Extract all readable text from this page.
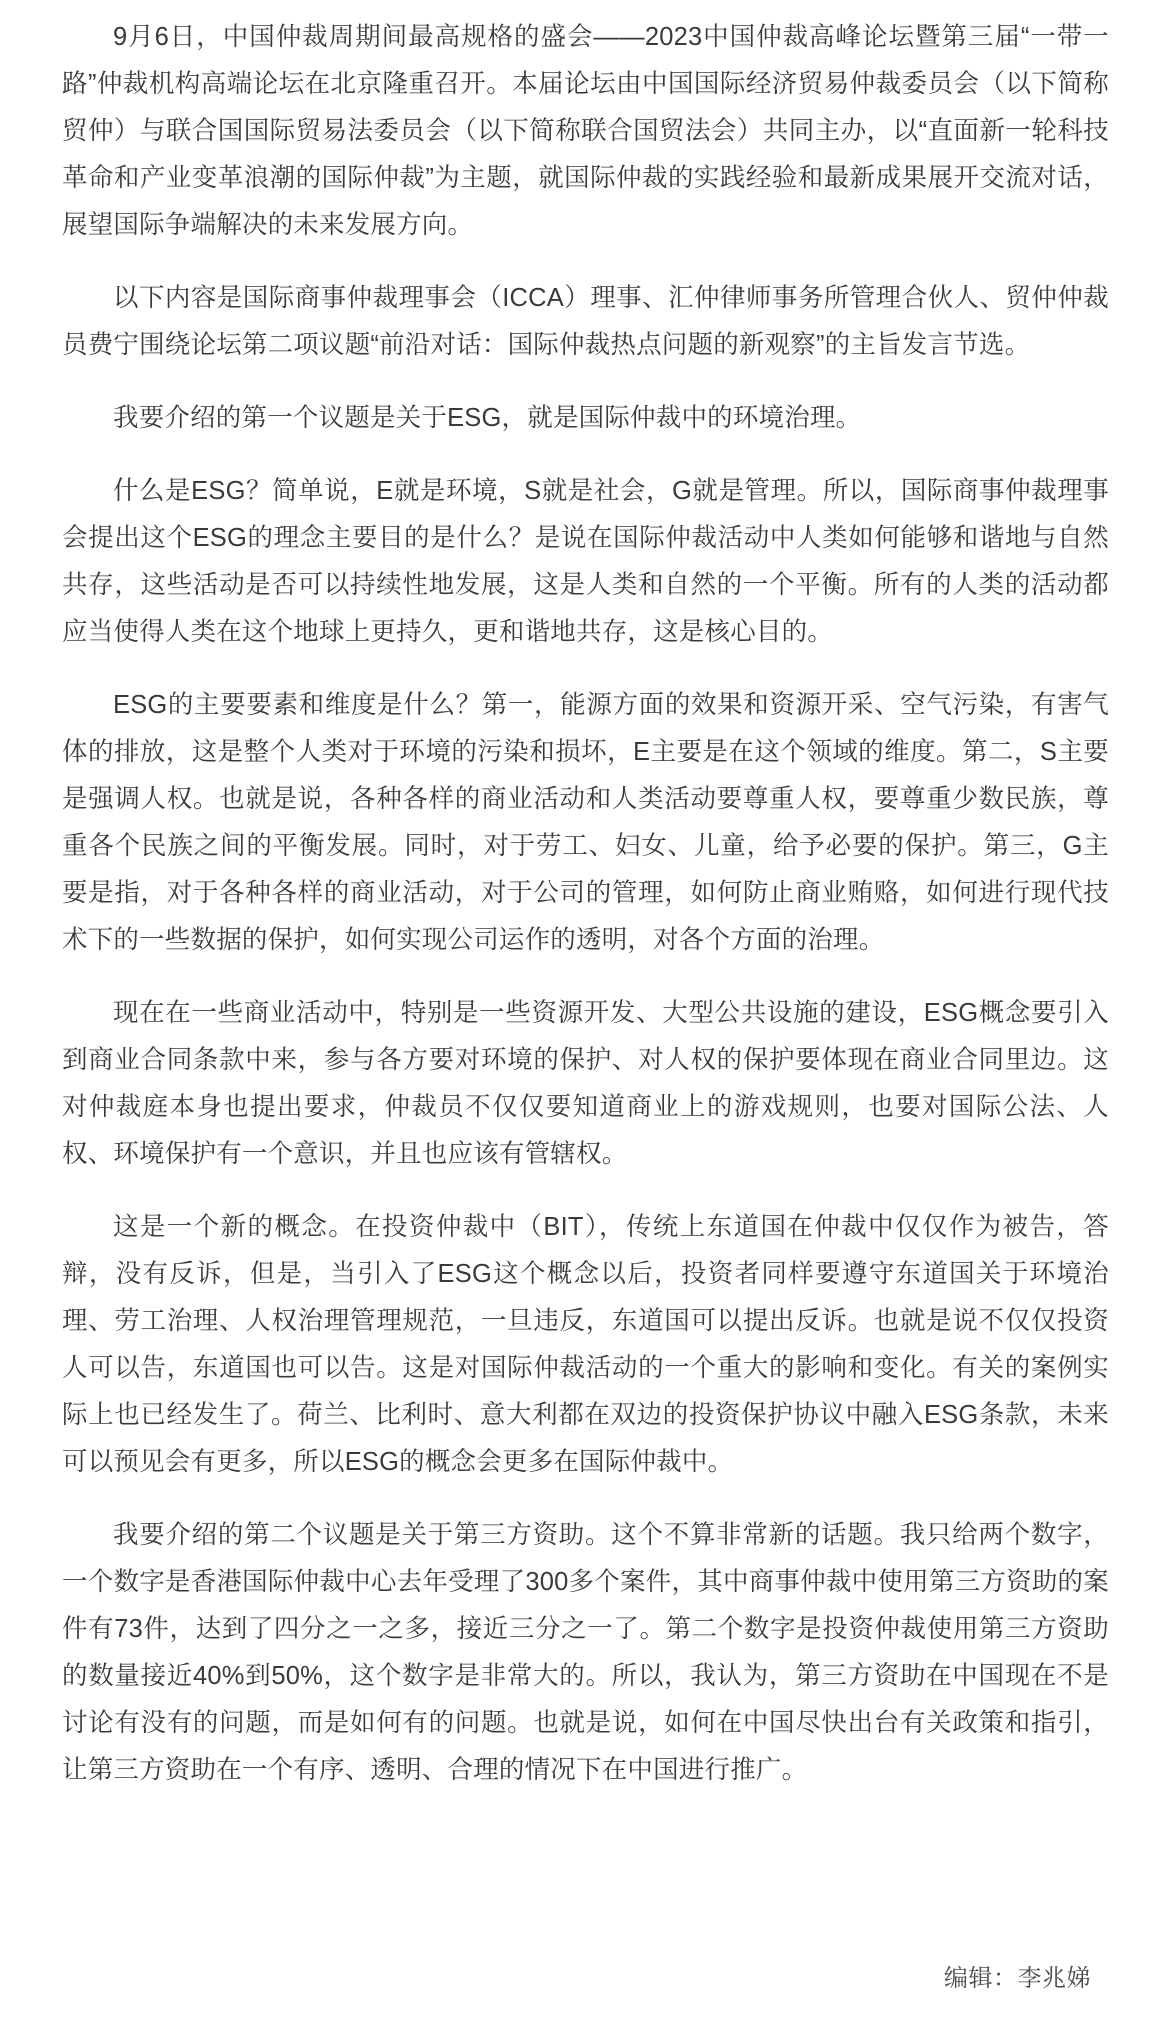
9月6日，中国仲裁周期间最高规格的盛会——2023中国仲裁高峰论坛暨第三届“一带一路”仲裁机构高端论坛在北京隆重召开。本届论坛由中国国际经济贸易仲裁委员会（以下简称贸仲）与联合国国际贸易法委员会（以下简称联合国贸法会）共同主办，以“直面新一轮科技革命和产业变革浪潮的国际仲裁”为主题，就国际仲裁的实践经验和最新成果展开交流对话，展望国际争端解决的未来发展方向。

以下内容是国际商事仲裁理事会（ICCA）理事、汇仲律师事务所管理合伙人、贸仲仲裁员费宁围绕论坛第二项议题“前沿对话：国际仲裁热点问题的新观察”的主旨发言节选。

我要介绍的第一个议题是关于ESG，就是国际仲裁中的环境治理。

什么是ESG？简单说，E就是环境，S就是社会，G就是管理。所以，国际商事仲裁理事会提出这个ESG的理念主要目的是什么？是说在国际仲裁活动中人类如何能够和谐地与自然共存，这些活动是否可以持续性地发展，这是人类和自然的一个平衡。所有的人类的活动都应当使得人类在这个地球上更持久，更和谐地共存，这是核心目的。

ESG的主要要素和维度是什么？第一，能源方面的效果和资源开采、空气污染，有害气体的排放，这是整个人类对于环境的污染和损坏，E主要是在这个领域的维度。第二，S主要是强调人权。也就是说，各种各样的商业活动和人类活动要尊重人权，要尊重少数民族，尊重各个民族之间的平衡发展。同时，对于劳工、妇女、儿童，给予必要的保护。第三，G主要是指，对于各种各样的商业活动，对于公司的管理，如何防止商业贿赂，如何进行现代技术下的一些数据的保护，如何实现公司运作的透明，对各个方面的治理。

现在在一些商业活动中，特别是一些资源开发、大型公共设施的建设，ESG概念要引入到商业合同条款中来，参与各方要对环境的保护、对人权的保护要体现在商业合同里边。这对仲裁庭本身也提出要求，仲裁员不仅仅要知道商业上的游戏规则，也要对国际公法、人权、环境保护有一个意识，并且也应该有管辖权。

这是一个新的概念。在投资仲裁中（BIT），传统上东道国在仲裁中仅仅作为被告，答辩，没有反诉，但是，当引入了ESG这个概念以后，投资者同样要遵守东道国关于环境治理、劳工治理、人权治理管理规范，一旦违反，东道国可以提出反诉。也就是说不仅仅投资人可以告，东道国也可以告。这是对国际仲裁活动的一个重大的影响和变化。有关的案例实际上也已经发生了。荷兰、比利时、意大利都在双边的投资保护协议中融入ESG条款，未来可以预见会有更多，所以ESG的概念会更多在国际仲裁中。

我要介绍的第二个议题是关于第三方资助。这个不算非常新的话题。我只给两个数字，一个数字是香港国际仲裁中心去年受理了300多个案件，其中商事仲裁中使用第三方资助的案件有73件，达到了四分之一之多，接近三分之一了。第二个数字是投资仲裁使用第三方资助的数量接近40%到50%，这个数字是非常大的。所以，我认为，第三方资助在中国现在不是讨论有没有的问题，而是如何有的问题。也就是说，如何在中国尽快出台有关政策和指引，让第三方资助在一个有序、透明、合理的情况下在中国进行推广。

编辑：李兆娣
